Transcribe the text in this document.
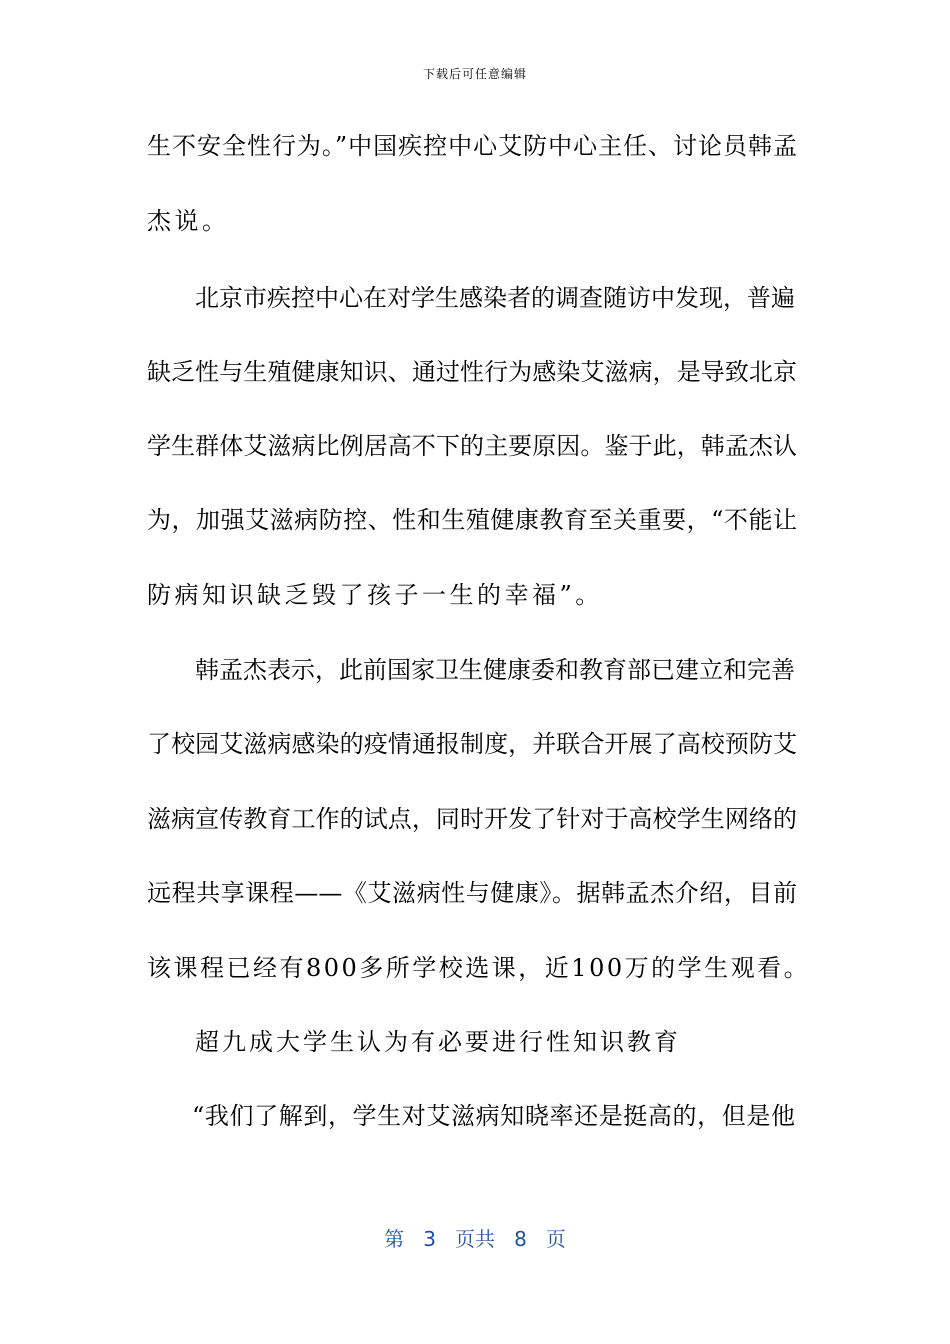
下载后可任意编辑
生不安全性行为。”中国疾控中心艾防中心主任、讨论员韩孟
杰说。
北京市疾控中心在对学生感染者的调查随访中发现，普遍
缺乏性与生殖健康知识、通过性行为感染艾滋病，是导致北京
学生群体艾滋病比例居高不下的主要原因。鉴于此，韩孟杰认
为，加强艾滋病防控、性和生殖健康教育至关重要，“不能让
防病知识缺乏毁了孩子一生的幸福”。
韩孟杰表示，此前国家卫生健康委和教育部已建立和完善
了校园艾滋病感染的疫情通报制度，并联合开展了高校预防艾
滋病宣传教育工作的试点，同时开发了针对于高校学生网络的
远程共享课程——《艾滋病性与健康》。据韩孟杰介绍，目前
该课程已经有800多所学校选课，近100万的学生观看。
超九成大学生认为有必要进行性知识教育
“我们了解到，学生对艾滋病知晓率还是挺高的，但是他
第 3 页共 8 页
